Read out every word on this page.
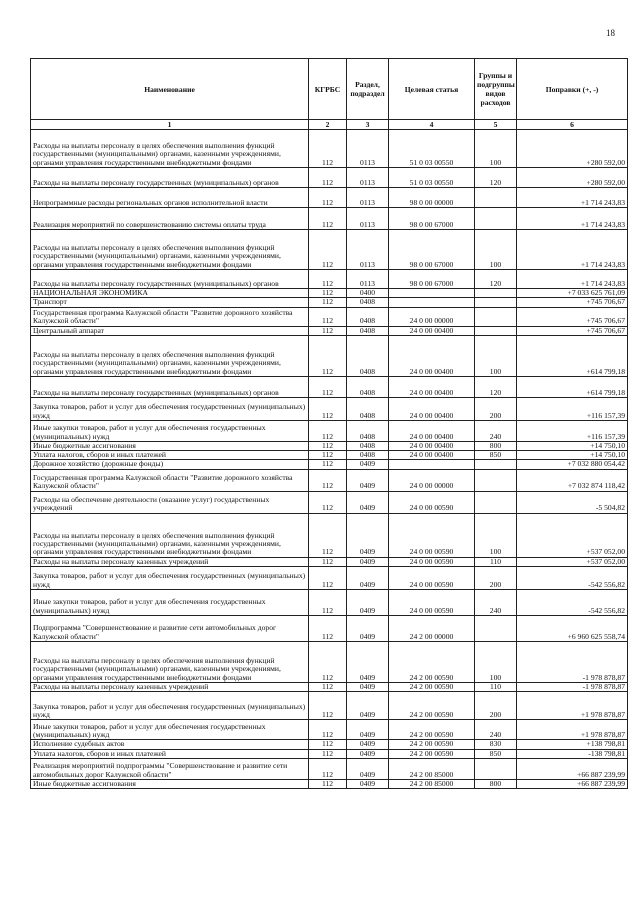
18
Наименование	КГРБС	Раздел, подраздел	Целевая статья	Группы и подгруппы видов расходов	Поправки (+, -)
1	2	3	4	5	6
Расходы на выплаты персоналу в целях обеспечения выполнения функций государственными (муниципальными) органами, казенными учреждениями, органами управления государственными внебюджетными фондами	112	0113	51 0 03 00550	100	+280 592,00
Расходы на выплаты персоналу государственных (муниципальных) органов	112	0113	51 0 03 00550	120	+280 592,00
Непрограммные расходы региональных органов исполнительной власти	112	0113	98 0 00 00000		+1 714 243,83
Реализация мероприятий по совершенствованию системы оплаты труда	112	0113	98 0 00 67000		+1 714 243,83
Расходы на выплаты персоналу в целях обеспечения выполнения функций государственными (муниципальными) органами, казенными учреждениями, органами управления государственными внебюджетными фондами	112	0113	98 0 00 67000	100	+1 714 243,83
Расходы на выплаты персоналу государственных (муниципальных) органов	112	0113	98 0 00 67000	120	+1 714 243,83
НАЦИОНАЛЬНАЯ ЭКОНОМИКА	112	0400			+7 033 625 761,09
Транспорт	112	0408			+745 706,67
Государственная программа Калужской области "Развитие дорожного хозяйства Калужской области"	112	0408	24 0 00 00000		+745 706,67
Центральный аппарат	112	0408	24 0 00 00400		+745 706,67
Расходы на выплаты персоналу в целях обеспечения выполнения функций государственными (муниципальными) органами, казенными учреждениями, органами управления государственными внебюджетными фондами	112	0408	24 0 00 00400	100	+614 799,18
Расходы на выплаты персоналу государственных (муниципальных) органов	112	0408	24 0 00 00400	120	+614 799,18
Закупка товаров, работ и услуг для обеспечения государственных (муниципальных) нужд	112	0408	24 0 00 00400	200	+116 157,39
Иные закупки товаров, работ и услуг для обеспечения государственных (муниципальных) нужд	112	0408	24 0 00 00400	240	+116 157,39
Иные бюджетные ассигнования	112	0408	24 0 00 00400	800	+14 750,10
Уплата налогов, сборов и иных платежей	112	0408	24 0 00 00400	850	+14 750,10
Дорожное хозяйство (дорожные фонды)	112	0409			+7 032 880 054,42
Государственная программа Калужской области "Развитие дорожного хозяйства Калужской области"	112	0409	24 0 00 00000		+7 032 874 118,42
Расходы на обеспечение деятельности (оказание услуг) государственных учреждений	112	0409	24 0 00 00590		-5 504,82
Расходы на выплаты персоналу в целях обеспечения выполнения функций государственными (муниципальными) органами, казенными учреждениями, органами управления государственными внебюджетными фондами	112	0409	24 0 00 00590	100	+537 052,00
Расходы на выплаты персоналу казенных учреждений	112	0409	24 0 00 00590	110	+537 052,00
Закупка товаров, работ и услуг для обеспечения государственных (муниципальных) нужд	112	0409	24 0 00 00590	200	-542 556,82
Иные закупки товаров, работ и услуг для обеспечения государственных (муниципальных) нужд	112	0409	24 0 00 00590	240	-542 556,82
Подпрограмма "Совершенствование и развитие сети автомобильных дорог Калужской области"	112	0409	24 2 00 00000		+6 960 625 558,74
Расходы на выплаты персоналу в целях обеспечения выполнения функций государственными (муниципальными) органами, казенными учреждениями, органами управления государственными внебюджетными фондами	112	0409	24 2 00 00590	100	-1 978 878,87
Расходы на выплаты персоналу казенных учреждений	112	0409	24 2 00 00590	110	-1 978 878,87
Закупка товаров, работ и услуг для обеспечения государственных (муниципальных) нужд	112	0409	24 2 00 00590	200	+1 978 878,87
Иные закупки товаров, работ и услуг для обеспечения государственных (муниципальных) нужд	112	0409	24 2 00 00590	240	+1 978 878,87
Исполнение судебных актов	112	0409	24 2 00 00590	830	+138 798,81
Уплата налогов, сборов и иных платежей	112	0409	24 2 00 00590	850	-138 798,81
Реализация мероприятий подпрограммы "Совершенствование и развитие сети автомобильных дорог Калужской области"	112	0409	24 2 00 85000		+66 887 239,99
Иные бюджетные ассигнования	112	0409	24 2 00 85000	800	+66 887 239,99
